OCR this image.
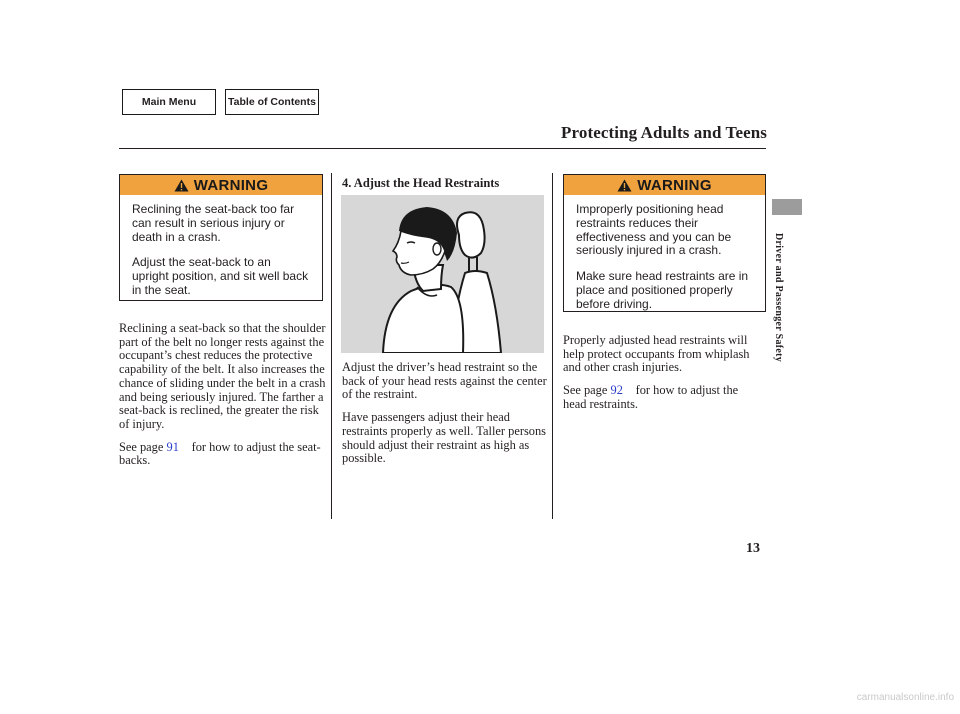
Main Menu	Table of Contents
Protecting Adults and Teens
WARNING

Reclining the seat-back too far can result in serious injury or death in a crash.

Adjust the seat-back to an upright position, and sit well back in the seat.

Reclining a seat-back so that the shoulder part of the belt no longer rests against the occupant’s chest reduces the protective capability of the belt. It also increases the chance of sliding under the belt in a crash and being seriously injured. The farther a seat-back is reclined, the greater the risk of injury.

See page 91 for how to adjust the seat-backs.

4. Adjust the Head Restraints

Adjust the driver’s head restraint so the back of your head rests against the center of the restraint.

Have passengers adjust their head restraints properly as well. Taller persons should adjust their restraint as high as possible.

WARNING

Improperly positioning head restraints reduces their effectiveness and you can be seriously injured in a crash.

Make sure head restraints are in place and positioned properly before driving.

Properly adjusted head restraints will help protect occupants from whiplash and other crash injuries.

See page 92 for how to adjust the head restraints.

Driver and Passenger Safety
13
carmanualsonline.info
